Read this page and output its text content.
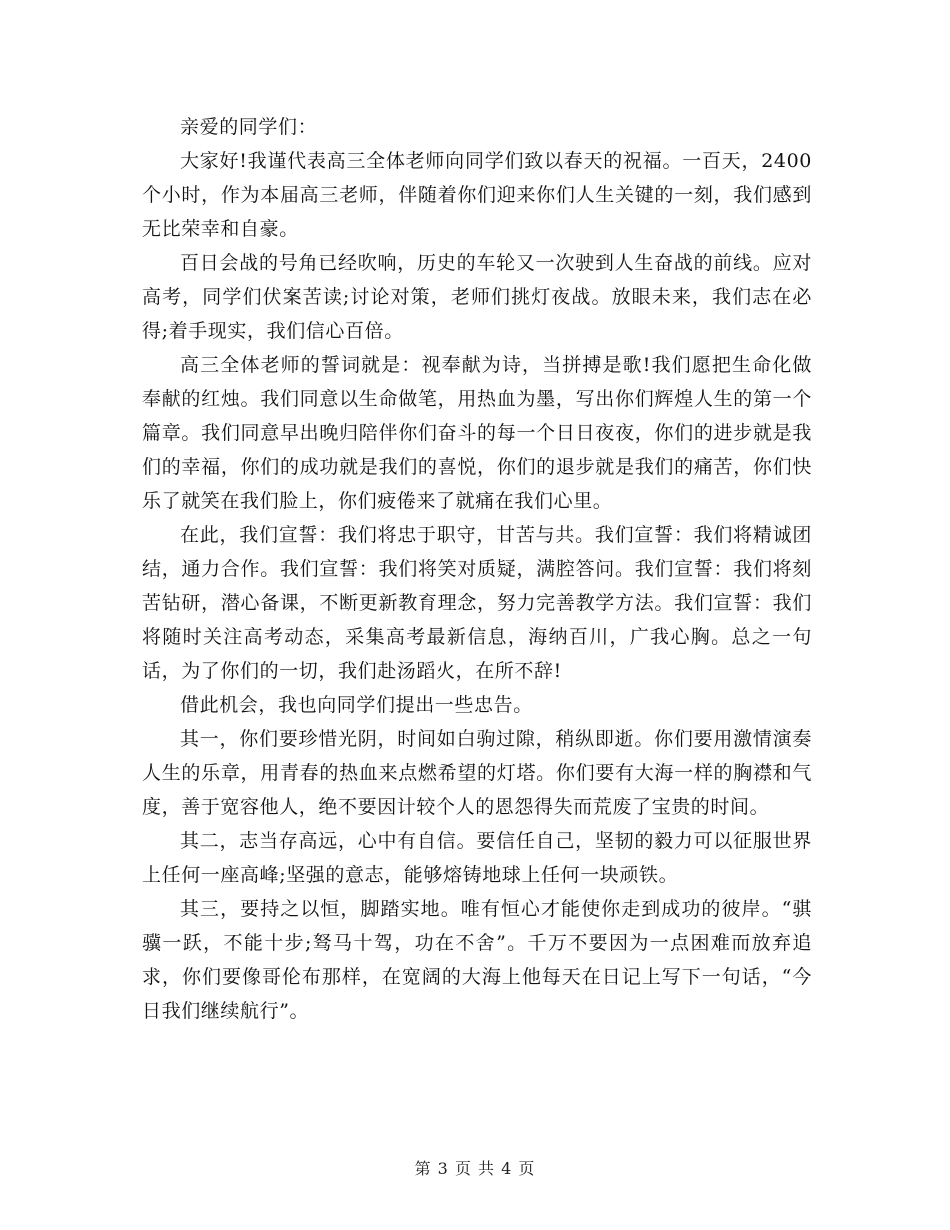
亲爱的同学们：

大家好!我谨代表高三全体老师向同学们致以春天的祝福。一百天，2400个小时，作为本届高三老师，伴随着你们迎来你们人生关键的一刻，我们感到无比荣幸和自豪。

百日会战的号角已经吹响，历史的车轮又一次驶到人生奋战的前线。应对高考，同学们伏案苦读;讨论对策，老师们挑灯夜战。放眼未来，我们志在必得;着手现实，我们信心百倍。

高三全体老师的誓词就是：视奉献为诗，当拼搏是歌!我们愿把生命化做奉献的红烛。我们同意以生命做笔，用热血为墨，写出你们辉煌人生的第一个篇章。我们同意早出晚归陪伴你们奋斗的每一个日日夜夜，你们的进步就是我们的幸福，你们的成功就是我们的喜悦，你们的退步就是我们的痛苦，你们快乐了就笑在我们脸上，你们疲倦来了就痛在我们心里。

在此，我们宣誓：我们将忠于职守，甘苦与共。我们宣誓：我们将精诚团结，通力合作。我们宣誓：我们将笑对质疑，满腔答问。我们宣誓：我们将刻苦钻研，潜心备课，不断更新教育理念，努力完善教学方法。我们宣誓：我们将随时关注高考动态，采集高考最新信息，海纳百川，广我心胸。总之一句话，为了你们的一切，我们赴汤蹈火，在所不辞!

借此机会，我也向同学们提出一些忠告。

其一，你们要珍惜光阴，时间如白驹过隙，稍纵即逝。你们要用激情演奏人生的乐章，用青春的热血来点燃希望的灯塔。你们要有大海一样的胸襟和气度，善于宽容他人，绝不要因计较个人的恩怨得失而荒废了宝贵的时间。

其二，志当存高远，心中有自信。要信任自己，坚韧的毅力可以征服世界上任何一座高峰;坚强的意志，能够熔铸地球上任何一块顽铁。

其三，要持之以恒，脚踏实地。唯有恒心才能使你走到成功的彼岸。“骐骥一跃，不能十步;驽马十驾，功在不舍”。千万不要因为一点困难而放弃追求，你们要像哥伦布那样，在宽阔的大海上他每天在日记上写下一句话，“今日我们继续航行”。

第 3 页 共 4 页
